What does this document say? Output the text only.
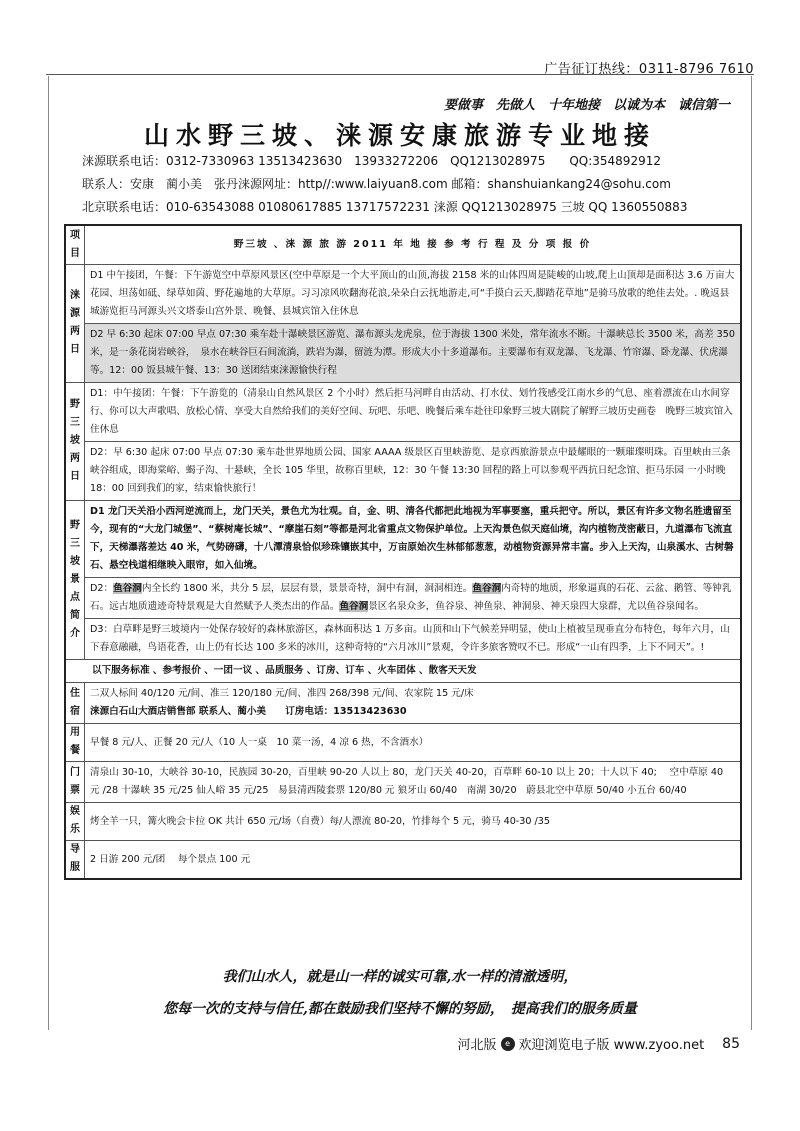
广告征订热线：0311-8796 7610
要做事　先做人　十年地接　以诚为本　诚信第一
山水野三坡、涞源安康旅游专业地接
涞源联系电话：0312-7330963 13513423630　13933272206　QQ1213028975　　QQ:354892912
联系人：安康　蔺小美　张丹涞源网址：http//:www.laiyuan8.com 邮箱：shanshuiankang24@sohu.com
北京联系电话：010-63543088 01080617885 13717572231 涞源 QQ1213028975 三坡 QQ 1360550883
项目	野三坡 、涞 源 旅 游 2011 年 地 接 参 考 行 程 及 分 项 报 价
涞源两日	D1 中午接团，午餐：下午游览空中草原风景区(空中草原是一个大平顶山的山顶,海拔 2158 米的山体四周是陡峻的山坡,爬上山顶却是面积达 3.6 万亩大花园、坦荡如砥、绿草如茵、野花遍地的大草原。习习凉风吹翻海花浪,朵朵白云抚地游走,可“手摸白云天,脚踏花草地”是骑马放歌的绝佳去处。. 晚返县城游览拒马河源头兴文塔泰山宫外景、晚餐、县城宾馆入住休息
	D2 早 6:30 起床 07:00 早点 07:30 乘车赴十瀑峡景区游览、瀑布源头龙虎泉，位于海拔 1300 米处，常年流水不断。十瀑峡总长 3500 米，高差 350 米，是一条花岗岩峡谷，　泉水在峡谷巨石间流淌，跌岩为瀑，留涟为潭。形成大小十多道瀑布。主要瀑布有双龙瀑、飞龙瀑、竹帘瀑、卧龙瀑、伏虎瀑等。12：00 饭县城午餐、13：30 送团结束涞源愉快行程
野三坡两日	D1：中午接团：午餐：下午游览的（清泉山自然风景区 2 个小时）然后拒马河畔自由活动、打水仗、划竹筏感受江南水乡的气息、座着漂流在山水间穿行、你可以大声歌唱、放松心情、享受大自然给我们的美好空间、玩吧、乐吧、晚餐后乘车赴往印象野三坡大剧院了解野三坡历史画卷　晚野三坡宾馆入住休息
	D2：早 6:30 起床 07:00 早点 07:30 乘车赴世界地质公园、国家 AAAA 级景区百里峡游览、是京西旅游景点中最耀眼的一颗璀璨明珠。百里峡由三条峡谷组成，即海棠峪、蝎子沟、十悬峡，全长 105 华里，故称百里峡，12：30 午餐 13:30 回程的路上可以参观平西抗日纪念馆、拒马乐园 一小时晚 18：00 回到我们的家，结束愉快旅行！
野三坡景点简介	D1 龙门天关沿小西河逆流而上，龙门天关，景色尤为壮观。自，金、明、清各代都把此地视为军事要塞，重兵把守。所以，景区有许多文物名胜遗留至今，现有的“大龙门城堡”、“蔡树庵长城”、“摩崖石刻”等都是河北省重点文物保护单位。上天沟景色似天庭仙境，沟内植物茂密蔽日，九道瀑布飞流直下，天梯瀑落差达 40 米，气势磅礴，十八潭清泉恰似珍珠镶嵌其中，万亩原始次生林郁郁葱葱，动植物资源异常丰富。步入上天沟，山泉溪水、古树磐石、悬空栈道相继映入眼帘，如入仙境。
	D2：鱼谷洞内全长约 1800 米，共分 5 层，层层有景，景景奇特，洞中有洞，洞洞相连。鱼谷洞内奇特的地质，形象逼真的石花、云盆、鹅管、等钟乳石。远古地质遗迹奇特景观是大自然赋予人类杰出的作品。鱼谷洞景区名泉众多，鱼谷泉、神鱼泉、神洞泉、神天泉四大泉群，尤以鱼谷泉闻名。
	D3：白草畔是野三坡境内一处保存较好的森林旅游区，森林面积达 1 万多亩。山顶和山下气候差异明显，使山上植被呈现垂直分布特色，每年六月，山下春意融融，鸟语花香，山上仍有长达 100 多米的冰川，这种奇特的“六月冰川”景观，令许多旅客赞叹不已。形成“一山有四季，上下不同天”。!
以下服务标准 、参考报价 、一团一议 、品质服务 、订房、订车 、火车团体 、散客天天发	
住宿	二双人标间 40/120 元/间、准三 120/180 元/间、准四 268/398 元/间、农家院 15 元/床
涞源白石山大酒店销售部 联系人、蔺小美　　订房电话：13513423630

用餐	早餐 8 元/人、正餐 20 元/人（10 人一桌　10 菜一汤，4 凉 6 热，不含酒水）
门票	清泉山 30-10，大峡谷 30-10，民族园 30-20，百里峡 90-20 人以上 80，龙门天关 40-20，百草畔 60-10 以上 20；十人以下 40;　 空中草原 40 元 /28 十瀑峡 35 元/25 仙人峪 35 元/25　易县清西陵套票 120/80 元 狼牙山 60/40　南湖 30/20　蔚县北空中草原 50/40 小五台 60/40
娱乐	烤全羊一只，篝火晚会卡拉 OK 共计 650 元/场（自费）每/人漂流 80-20，竹排每个 5 元，骑马 40-30 /35
导服	2 日游 200 元/团　 每个景点 100 元
我们山水人，就是山一样的诚实可靠,水一样的清澈透明，
您每一次的支持与信任,都在鼓励我们坚持不懈的努励，　提高我们的服务质量
河北版	e 欢迎浏览电子版 www.zyoo.net 85
